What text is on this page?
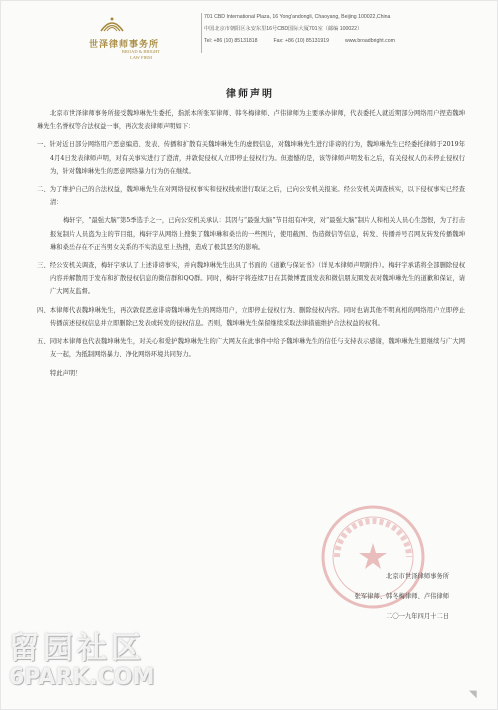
世泽律师事务所
BROAD & BRIGHT
LAW FIRM
701 CBD International Plaza, 16 Yong'andongli, Chaoyang, Beijing 100022,China
中国北京市朝阳区永安东里16号CBD国际大厦701室（邮编 100022）
Tel: +86 (10) 85131818	Fax: +86 (10) 85131919	www.broadbright.com
律师声明

北京市世泽律师事务所接受魏坤琳先生委托，指派本所张军律师、韩冬梅律师、卢伟律师为主要承办律师，代表委托人就近期部分网络用户捏造魏坤琳先生名誉权等合法权益一事，再次发表律师声明如下：

一、针对近日部分网络用户恶意编造、发表、传播和扩散有关魏坤琳先生的虚假信息，对魏坤琳先生进行诽谤的行为，魏坤琳先生已经委托律师于2019年4月4日发表律师声明，对有关事实进行了澄清，并敦促侵权人立即停止侵权行为。但遗憾的是，该等律师声明发布之后，有关侵权人仍未停止侵权行为，针对魏坤琳先生的恶意网络暴力行为仍在继续。

二、为了维护自己的合法权益，魏坤琳先生在对网络侵权事实和侵权线索进行取证之后，已向公安机关报案。经公安机关调查核实，以下侵权事实已经查清：

梅轩宇，“最强大脑”第5季选手之一，已向公安机关承认：其因与“最强大脑”节目组有冲突，对“最强大脑”制片人和相关人员心生怨恨，为了打击报复制片人员盗为主的节目组，梅轩宇从网络上搜集了魏坤琳和桑岳的一些图片，使用截图、伪造微信等信息，转发、传播并号召网友转发传播魏坤琳和桑岳存在不正当男女关系的不实消息至上热搜，造成了极其恶劣的影响。

三、经公安机关调查，梅轩宇承认了上述诽谤事实，并向魏坤琳先生出具了书面的《道歉与保证书》（详见本律师声明附件）。梅轩宇承诺将全部删除侵权内容并解散用于发布和扩散侵权信息的微信群和QQ群。同时，梅轩宇将连续7日在其微博置顶发表和微信朋友圈发表对魏坤琳先生的道歉和保证，请广大网友监督。

四、本律师代表魏坤琳先生，再次敦促恶意诽谤魏坤琳先生的网络用户，立即停止侵权行为、删除侵权内容。同时也请其他不明真相的网络用户立即停止传播前述侵权信息并立即删除已发表或转发的侵权信息。否则，魏坤琳先生保留继续采取法律措施维护合法权益的权利。

五、同时本律师也代表魏坤琳先生，对关心和爱护魏坤琳先生的广大网友在此事件中给予魏坤琳先生的信任与支持表示感谢，魏坤琳先生愿继续与广大网友一起，为抵制网络暴力、净化网络环境共同努力。

特此声明！

北京市世泽律师事务所
张军律师、韩冬梅律师、卢伟律师
二〇一九年四月十二日
留园社区
6PARK.COM
◥
